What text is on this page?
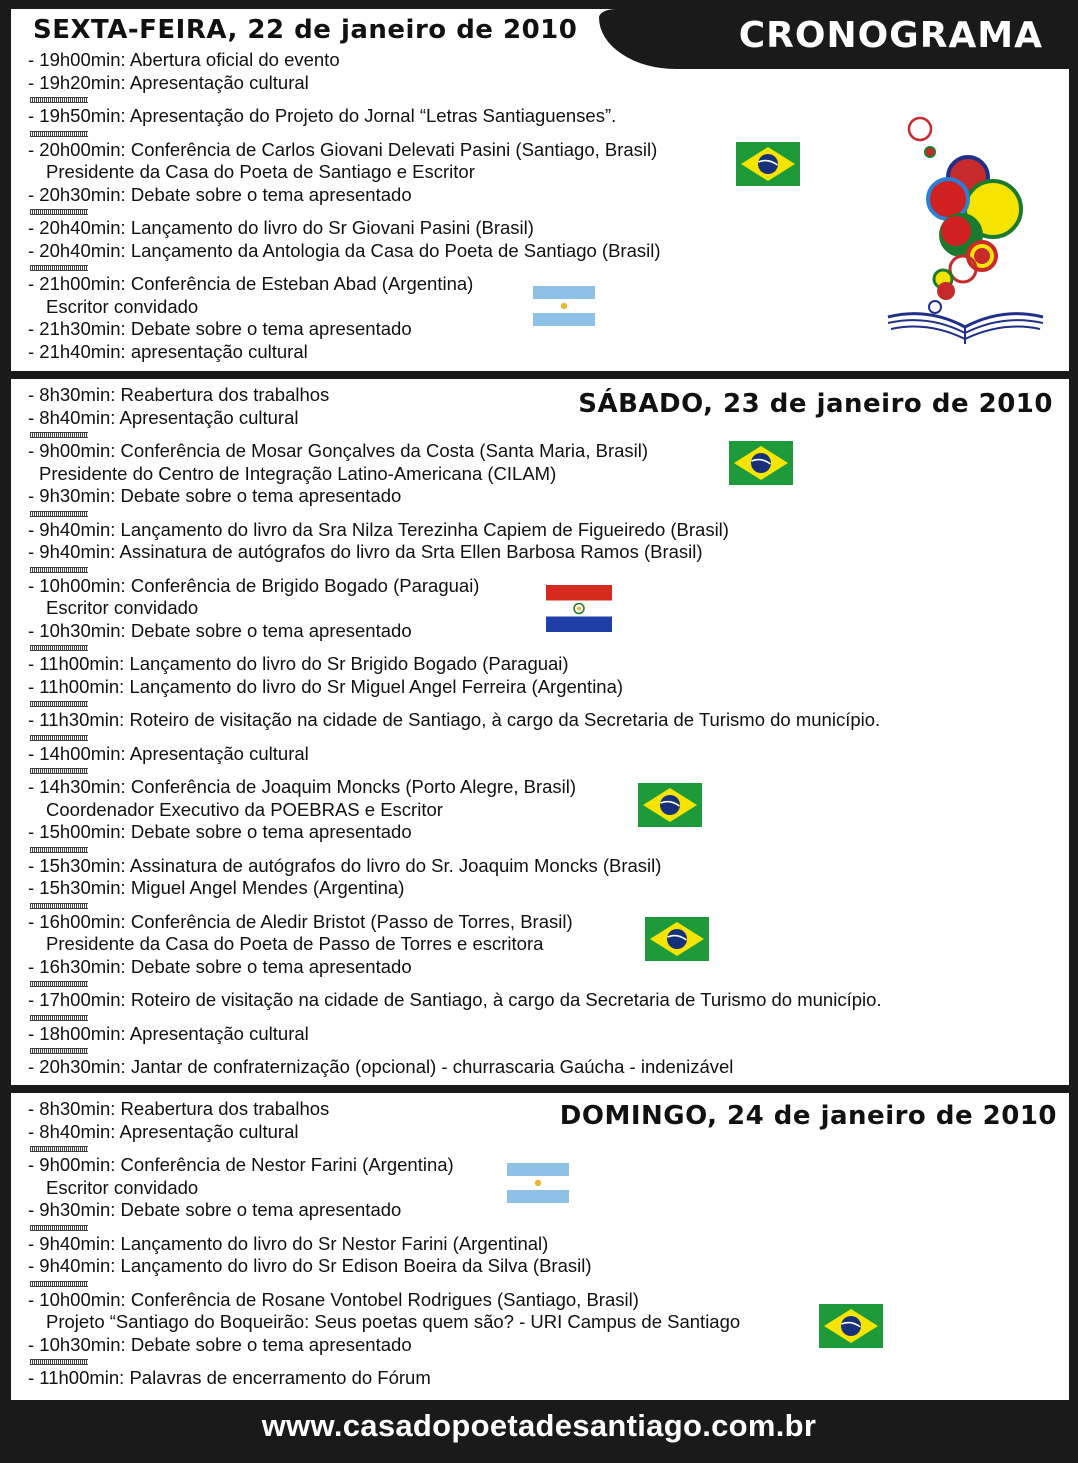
SEXTA-FEIRA, 22 de janeiro de 2010	CRONOGRAMA
- 19h00min: Abertura oficial do evento
- 19h20min: Apresentação cultural
- 19h50min: Apresentação do Projeto do Jornal “Letras Santiaguenses”.
- 20h00min: Conferência de Carlos Giovani Delevati Pasini (Santiago, Brasil)
Presidente da Casa do Poeta de Santiago e Escritor
- 20h30min: Debate sobre o tema apresentado
- 20h40min: Lançamento do livro do Sr Giovani Pasini (Brasil)
- 20h40min: Lançamento da Antologia da Casa do Poeta de Santiago (Brasil)
- 21h00min: Conferência de Esteban Abad (Argentina)
Escritor convidado
- 21h30min: Debate sobre o tema apresentado
- 21h40min: apresentação cultural
SÁBADO, 23 de janeiro de 2010
- 8h30min: Reabertura dos trabalhos
- 8h40min: Apresentação cultural
- 9h00min: Conferência de Mosar Gonçalves da Costa (Santa Maria, Brasil)
Presidente do Centro de Integração Latino-Americana (CILAM)
- 9h30min: Debate sobre o tema apresentado
- 9h40min: Lançamento do livro da Sra Nilza Terezinha Capiem de Figueiredo (Brasil)
- 9h40min: Assinatura de autógrafos do livro da Srta Ellen Barbosa Ramos (Brasil)
- 10h00min: Conferência de Brigido Bogado (Paraguai)
Escritor convidado
- 10h30min: Debate sobre o tema apresentado
- 11h00min: Lançamento do livro do Sr Brigido Bogado (Paraguai)
- 11h00min: Lançamento do livro do Sr Miguel Angel Ferreira (Argentina)
- 11h30min: Roteiro de visitação na cidade de Santiago, à cargo da Secretaria de Turismo do município.
- 14h00min: Apresentação cultural
- 14h30min: Conferência de Joaquim Moncks (Porto Alegre, Brasil)
Coordenador Executivo da POEBRAS e Escritor
- 15h00min: Debate sobre o tema apresentado
- 15h30min: Assinatura de autógrafos do livro do Sr. Joaquim Moncks (Brasil)
- 15h30min: Miguel Angel Mendes (Argentina)
- 16h00min: Conferência de Aledir Bristot (Passo de Torres, Brasil)
Presidente da Casa do Poeta de Passo de Torres e escritora
- 16h30min: Debate sobre o tema apresentado
- 17h00min: Roteiro de visitação na cidade de Santiago, à cargo da Secretaria de Turismo do município.
- 18h00min: Apresentação cultural
- 20h30min: Jantar de confraternização (opcional) - churrascaria Gaúcha - indenizável
DOMINGO, 24 de janeiro de 2010
- 8h30min: Reabertura dos trabalhos
- 8h40min: Apresentação cultural
- 9h00min: Conferência de Nestor Farini (Argentina)
Escritor convidado
- 9h30min: Debate sobre o tema apresentado
- 9h40min: Lançamento do livro do Sr Nestor Farini (Argentinal)
- 9h40min: Lançamento do livro do Sr Edison Boeira da Silva (Brasil)
- 10h00min: Conferência de Rosane Vontobel Rodrigues (Santiago, Brasil)
Projeto “Santiago do Boqueirão: Seus poetas quem são? - URI Campus de Santiago
- 10h30min: Debate sobre o tema apresentado
- 11h00min: Palavras de encerramento do Fórum
www.casadopoetadesantiago.com.br
